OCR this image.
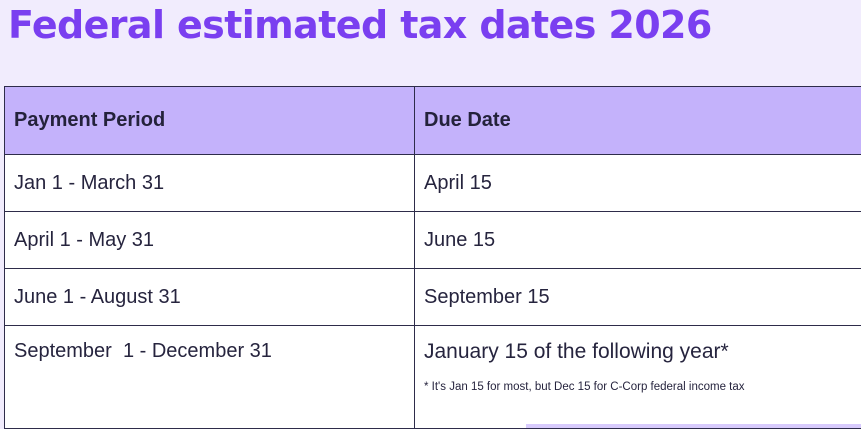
Federal estimated tax dates 2026
Payment Period	Due Date
Jan 1 - March 31	April 15
April 1 - May 31	June 15
June 1 - August 31	September 15
September  1 - December 31	January 15 of the following year*
* It's Jan 15 for most, but Dec 15 for C-Corp federal income tax
